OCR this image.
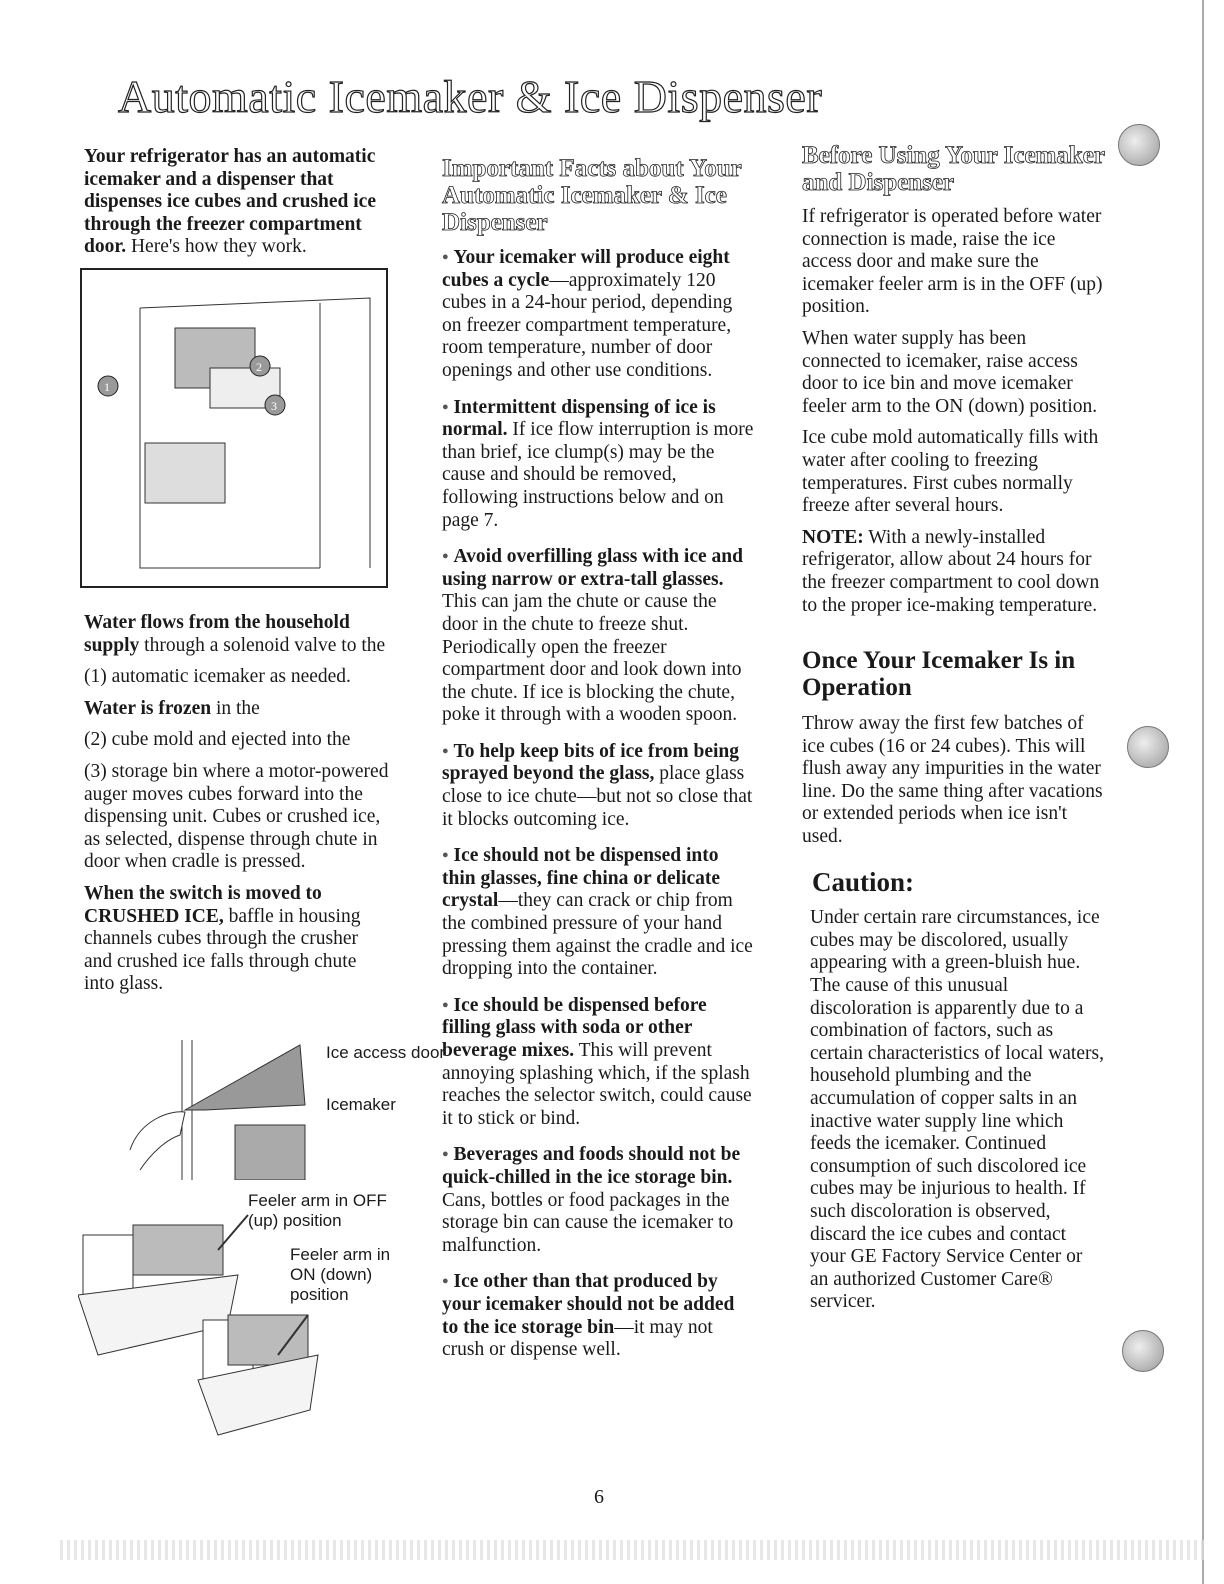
Automatic Icemaker & Ice Dispenser

Your refrigerator has an automatic icemaker and a dispenser that dispenses ice cubes and crushed ice through the freezer compartment door. Here's how they work.

1
2
3

Water flows from the household supply through a solenoid valve to the

(1) automatic icemaker as needed.

Water is frozen in the

(2) cube mold and ejected into the

(3) storage bin where a motor-powered auger moves cubes forward into the dispensing unit. Cubes or crushed ice, as selected, dispense through chute in door when cradle is pressed.

When the switch is moved to CRUSHED ICE, baffle in housing channels cubes through the crusher and crushed ice falls through chute into glass.

Ice access door
Icemaker
Feeler arm in OFF (up) position
Feeler arm in ON (down) position
Important Facts about Your Automatic Icemaker & Ice Dispenser

● Your icemaker will produce eight cubes a cycle—approximately 120 cubes in a 24-hour period, depending on freezer compartment temperature, room temperature, number of door openings and other use conditions.

● Intermittent dispensing of ice is normal. If ice flow interruption is more than brief, ice clump(s) may be the cause and should be removed, following instructions below and on page 7.

● Avoid overfilling glass with ice and using narrow or extra-tall glasses. This can jam the chute or cause the door in the chute to freeze shut. Periodically open the freezer compartment door and look down into the chute. If ice is blocking the chute, poke it through with a wooden spoon.

● To help keep bits of ice from being sprayed beyond the glass, place glass close to ice chute—but not so close that it blocks outcoming ice.

● Ice should not be dispensed into thin glasses, fine china or delicate crystal—they can crack or chip from the combined pressure of your hand pressing them against the cradle and ice dropping into the container.

● Ice should be dispensed before filling glass with soda or other beverage mixes. This will prevent annoying splashing which, if the splash reaches the selector switch, could cause it to stick or bind.

● Beverages and foods should not be quick-chilled in the ice storage bin. Cans, bottles or food packages in the storage bin can cause the icemaker to malfunction.

● Ice other than that produced by your icemaker should not be added to the ice storage bin—it may not crush or dispense well.

Before Using Your Icemaker and Dispenser

If refrigerator is operated before water connection is made, raise the ice access door and make sure the icemaker feeler arm is in the OFF (up) position.

When water supply has been connected to icemaker, raise access door to ice bin and move icemaker feeler arm to the ON (down) position.

Ice cube mold automatically fills with water after cooling to freezing temperatures. First cubes normally freeze after several hours.

NOTE: With a newly-installed refrigerator, allow about 24 hours for the freezer compartment to cool down to the proper ice-making temperature.

Once Your Icemaker Is in Operation

Throw away the first few batches of ice cubes (16 or 24 cubes). This will flush away any impurities in the water line. Do the same thing after vacations or extended periods when ice isn't used.

Caution:

Under certain rare circumstances, ice cubes may be discolored, usually appearing with a green-bluish hue. The cause of this unusual discoloration is apparently due to a combination of factors, such as certain characteristics of local waters, household plumbing and the accumulation of copper salts in an inactive water supply line which feeds the icemaker. Continued consumption of such discolored ice cubes may be injurious to health. If such discoloration is observed, discard the ice cubes and contact your GE Factory Service Center or an authorized Customer Care® servicer.

6
